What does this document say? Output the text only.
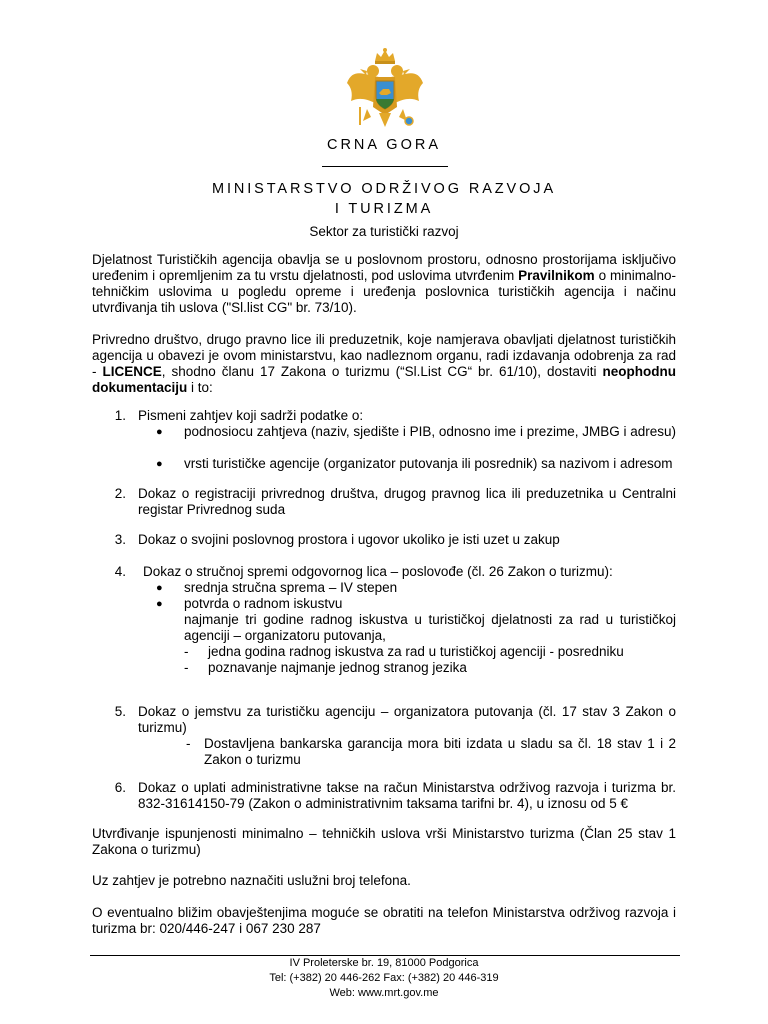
CRNA GORA
MINISTARSTVO ODRŽIVOG RAZVOJA
I TURIZMA
Sektor za turistički razvoj
Djelatnost Turističkih agencija obavlja se u poslovnom prostoru, odnosno prostorijama isključivo uređenim i opremljenim za tu vrstu djelatnosti, pod uslovima utvrđenim Pravilnikom o minimalno-tehničkim uslovima u pogledu opreme i uređenja poslovnica turističkih agencija i načinu utvrđivanja tih uslova ("Sl.list CG" br. 73/10).
Privredno društvo, drugo pravno lice ili preduzetnik, koje namjerava obavljati djelatnost turističkih agencija u obavezi je ovom ministarstvu, kao nadleznom organu, radi izdavanja odobrenja za rad - LICENCE, shodno članu 17 Zakona o turizmu (“Sl.List CG“ br. 61/10), dostaviti neophodnu dokumentaciju i to:
1. Pismeni zahtjev koji sadrži podatke o:
● podnosiocu zahtjeva (naziv, sjedište i PIB, odnosno ime i prezime, JMBG i adresu)
● vrsti turističke agencije (organizator putovanja ili posrednik) sa nazivom i adresom
2. Dokaz o registraciji privrednog društva, drugog pravnog lica ili preduzetnika u Centralni registar Privrednog suda
3. Dokaz o svojini poslovnog prostora i ugovor ukoliko je isti uzet u zakup
4. Dokaz o stručnoj spremi odgovornog lica – poslovođe (čl. 26 Zakon o turizmu):
● srednja stručna sprema – IV stepen
● potvrda o radnom iskustvu
najmanje tri godine radnog iskustva u turističkoj djelatnosti za rad u turističkoj agenciji – organizatoru putovanja,
- jedna godina radnog iskustva za rad u turističkoj agenciji - posredniku
- poznavanje najmanje jednog stranog jezika
5. Dokaz o jemstvu za turističku agenciju – organizatora putovanja (čl. 17 stav 3 Zakon o turizmu)
- Dostavljena bankarska garancija mora biti izdata u sladu sa čl. 18 stav 1 i 2 Zakon o turizmu
6. Dokaz o uplati administrativne takse na račun Ministarstva održivog razvoja i turizma br. 832-31614150-79 (Zakon o administrativnim taksama tarifni br. 4), u iznosu od 5 €
Utvrđivanje ispunjenosti minimalno – tehničkih uslova vrši Ministarstvo turizma (Član 25 stav 1 Zakona o turizmu)
Uz zahtjev je potrebno naznačiti uslužni broj telefona.
O eventualno bližim obavještenjima moguće se obratiti na telefon Ministarstva održivog razvoja i turizma br: 020/446-247 i 067 230 287
IV Proleterske br. 19, 81000 Podgorica
Tel: (+382) 20 446-262 Fax: (+382) 20 446-319
Web: www.mrt.gov.me
